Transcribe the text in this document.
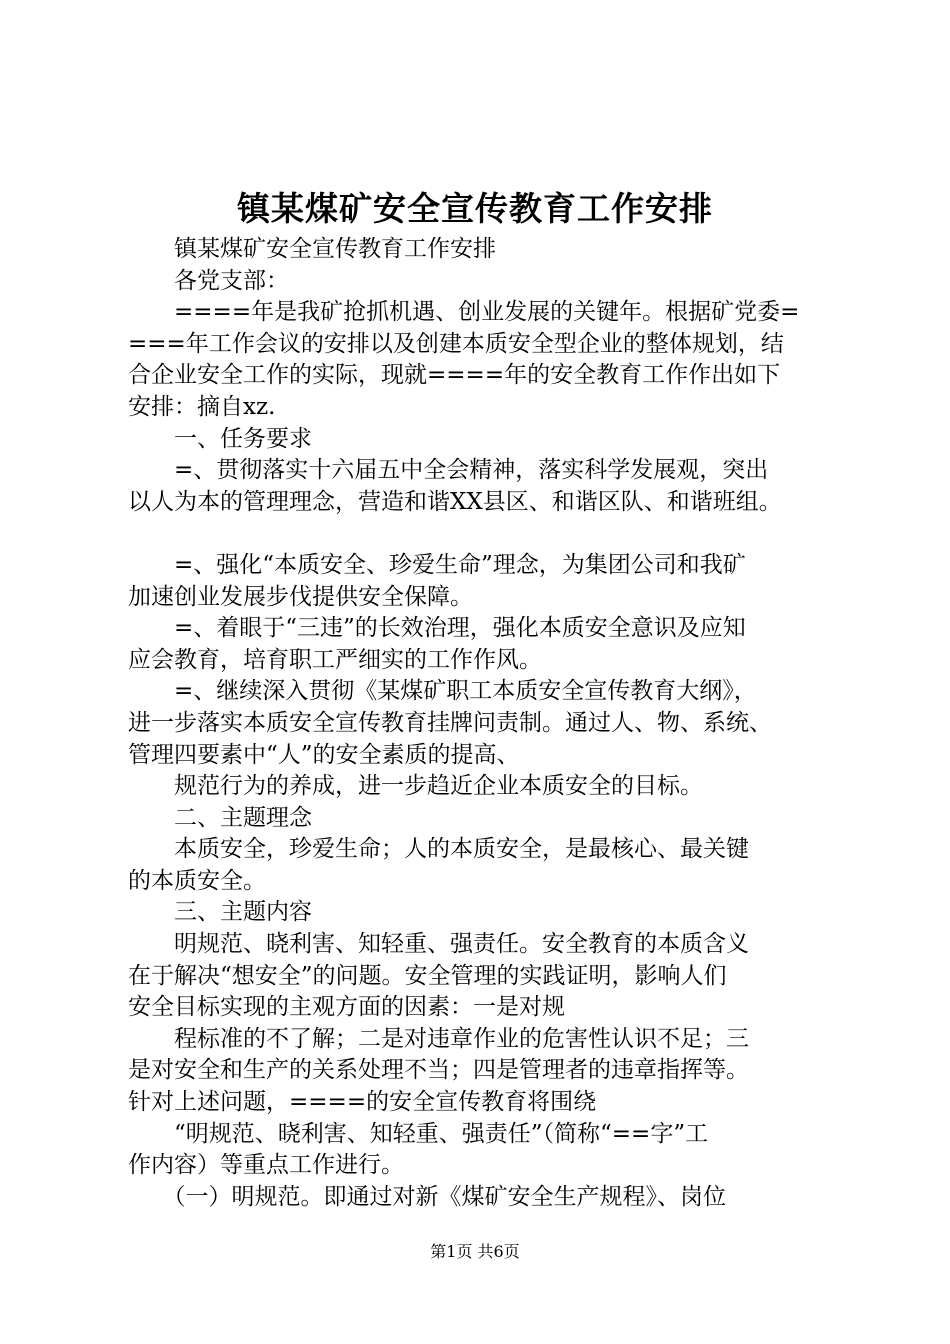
镇某煤矿安全宣传教育工作安排
　　镇某煤矿安全宣传教育工作安排
　　各党支部：
　　====年是我矿抢抓机遇、创业发展的关键年。根据矿党委=
===年工作会议的安排以及创建本质安全型企业的整体规划，结
合企业安全工作的实际，现就====年的安全教育工作作出如下
安排：摘自xz.
　　一、任务要求
　　=、贯彻落实十六届五中全会精神，落实科学发展观，突出
以人为本的管理理念，营造和谐XX县区、和谐区队、和谐班组。
　　=、强化“本质安全、珍爱生命”理念，为集团公司和我矿
加速创业发展步伐提供安全保障。
　　=、着眼于“三违”的长效治理，强化本质安全意识及应知
应会教育，培育职工严细实的工作作风。
　　=、继续深入贯彻《某煤矿职工本质安全宣传教育大纲》，
进一步落实本质安全宣传教育挂牌问责制。通过人、物、系统、
管理四要素中“人”的安全素质的提高、
　　规范行为的养成，进一步趋近企业本质安全的目标。
　　二、主题理念
　　本质安全，珍爱生命；人的本质安全，是最核心、最关键
的本质安全。
　　三、主题内容
　　明规范、晓利害、知轻重、强责任。安全教育的本质含义
在于解决“想安全”的问题。安全管理的实践证明，影响人们
安全目标实现的主观方面的因素：一是对规
　　程标准的不了解；二是对违章作业的危害性认识不足；三
是对安全和生产的关系处理不当；四是管理者的违章指挥等。
针对上述问题，====的安全宣传教育将围绕
　　“明规范、晓利害、知轻重、强责任”（简称“==字”工
作内容）等重点工作进行。
　　（一）明规范。即通过对新《煤矿安全生产规程》、岗位
第1页 共6页
